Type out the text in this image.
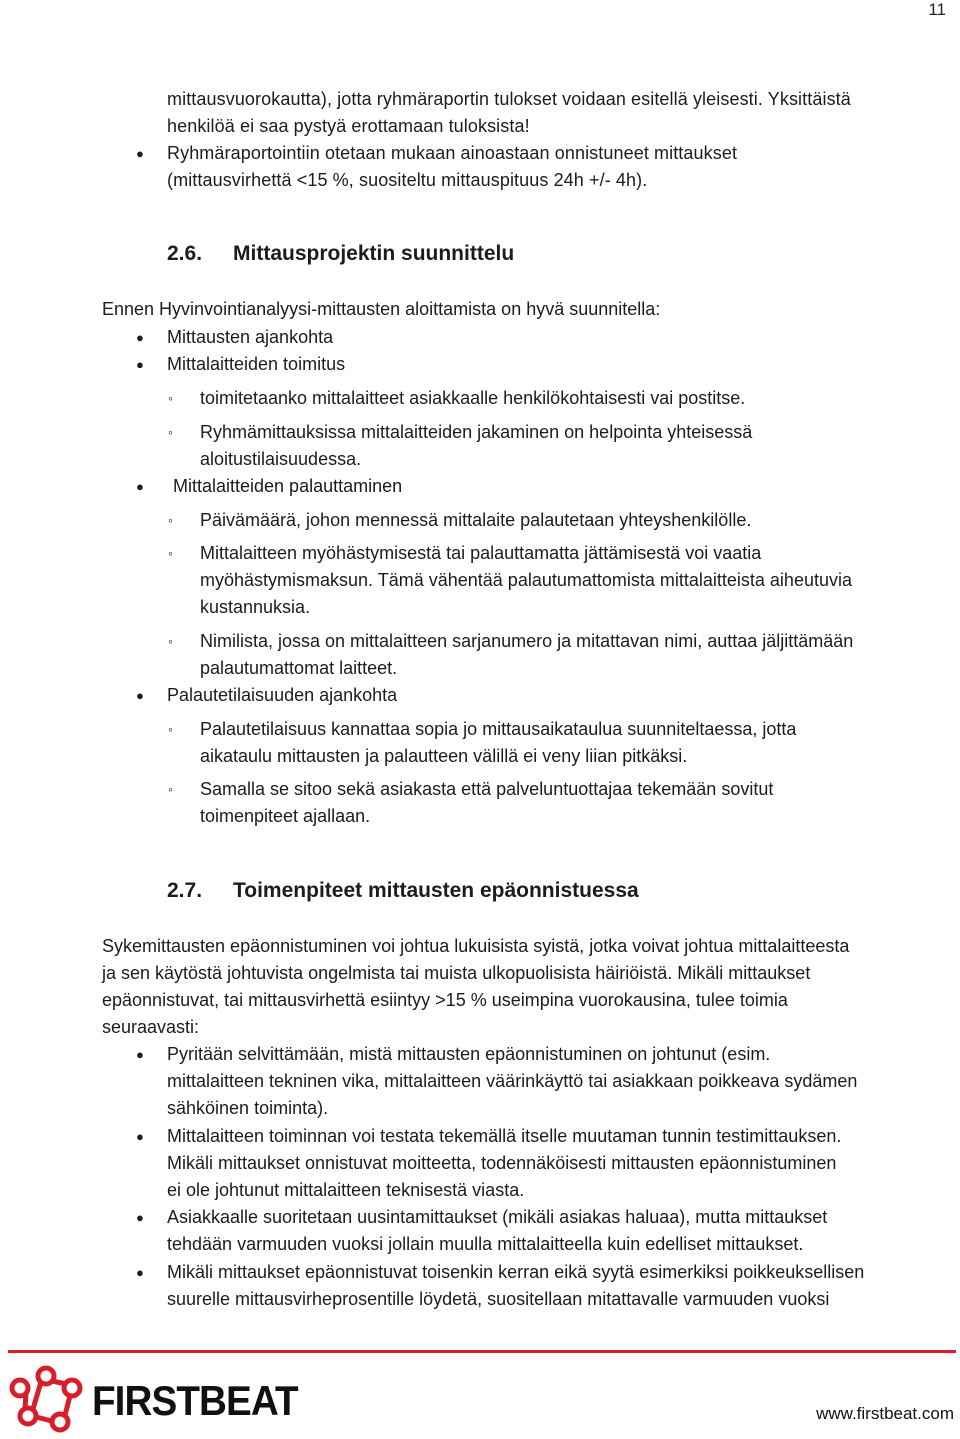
11
mittausvuorokautta), jotta ryhmäraportin tulokset voidaan esitellä yleisesti. Yksittäistä
henkilöä ei saa pystyä erottamaan tuloksista!
● Ryhmäraportointiin otetaan mukaan ainoastaan onnistuneet mittaukset
(mittausvirhettä <15 %, suositeltu mittauspituus 24h +/- 4h).
2.6. Mittausprojektin suunnittelu
Ennen Hyvinvointianalyysi-mittausten aloittamista on hyvä suunnitella:
● Mittausten ajankohta
● Mittalaitteiden toimitus
◦ toimitetaanko mittalaitteet asiakkaalle henkilökohtaisesti vai postitse.
◦ Ryhmämittauksissa mittalaitteiden jakaminen on helpointa yhteisessä
aloitustilaisuudessa.
● Mittalaitteiden palauttaminen
◦ Päivämäärä, johon mennessä mittalaite palautetaan yhteyshenkilölle.
◦ Mittalaitteen myöhästymisestä tai palauttamatta jättämisestä voi vaatia
myöhästymismaksun. Tämä vähentää palautumattomista mittalaitteista aiheutuvia
kustannuksia.
◦ Nimilista, jossa on mittalaitteen sarjanumero ja mitattavan nimi, auttaa jäljittämään
palautumattomat laitteet.
● Palautetilaisuuden ajankohta
◦ Palautetilaisuus kannattaa sopia jo mittausaikataulua suunniteltaessa, jotta
aikataulu mittausten ja palautteen välillä ei veny liian pitkäksi.
◦ Samalla se sitoo sekä asiakasta että palveluntuottajaa tekemään sovitut
toimenpiteet ajallaan.
2.7. Toimenpiteet mittausten epäonnistuessa
Sykemittausten epäonnistuminen voi johtua lukuisista syistä, jotka voivat johtua mittalaitteesta
ja sen käytöstä johtuvista ongelmista tai muista ulkopuolisista häiriöistä. Mikäli mittaukset
epäonnistuvat, tai mittausvirhettä esiintyy >15 % useimpina vuorokausina, tulee toimia
seuraavasti:
● Pyritään selvittämään, mistä mittausten epäonnistuminen on johtunut (esim.
mittalaitteen tekninen vika, mittalaitteen väärinkäyttö tai asiakkaan poikkeava sydämen
sähköinen toiminta).
● Mittalaitteen toiminnan voi testata tekemällä itselle muutaman tunnin testimittauksen.
Mikäli mittaukset onnistuvat moitteetta, todennäköisesti mittausten epäonnistuminen
ei ole johtunut mittalaitteen teknisestä viasta.
● Asiakkaalle suoritetaan uusintamittaukset (mikäli asiakas haluaa), mutta mittaukset
tehdään varmuuden vuoksi jollain muulla mittalaitteella kuin edelliset mittaukset.
● Mikäli mittaukset epäonnistuvat toisenkin kerran eikä syytä esimerkiksi poikkeuksellisen
suurelle mittausvirheprosentille löydetä, suositellaan mitattavalle varmuuden vuoksi
FIRSTBEAT	www.firstbeat.com
